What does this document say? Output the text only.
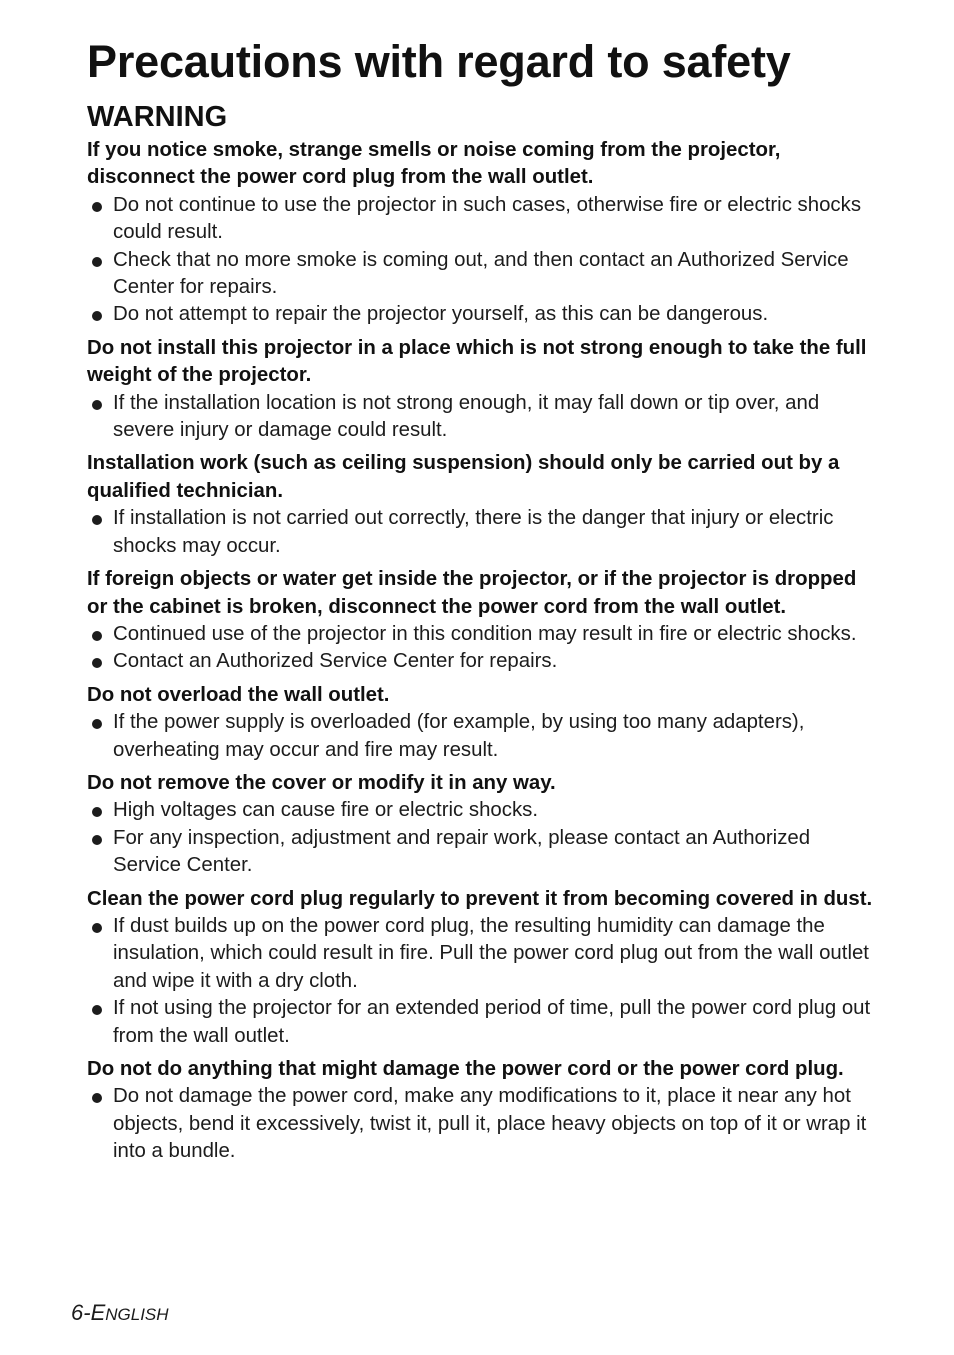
Precautions with regard to safety
WARNING
If you notice smoke, strange smells or noise coming from the projector, disconnect the power cord plug from the wall outlet.
Do not continue to use the projector in such cases, otherwise fire or electric shocks could result.
Check that no more smoke is coming out, and then contact an Authorized Service Center for repairs.
Do not attempt to repair the projector yourself, as this can be dangerous.
Do not install this projector in a place which is not strong enough to take the full weight of the projector.
If the installation location is not strong enough, it may fall down or tip over, and severe injury or damage could result.
Installation work (such as ceiling suspension) should only be carried out by a qualified technician.
If installation is not carried out correctly, there is the danger that injury or electric shocks may occur.
If foreign objects or water get inside the projector, or if the projector is dropped or the cabinet is broken, disconnect the power cord from the wall outlet.
Continued use of the projector in this condition may result in fire or electric shocks.
Contact an Authorized Service Center for repairs.
Do not overload the wall outlet.
If the power supply is overloaded (for example, by using too many adapters), overheating may occur and fire may result.
Do not remove the cover or modify it in any way.
High voltages can cause fire or electric shocks.
For any inspection, adjustment and repair work, please contact an Authorized Service Center.
Clean the power cord plug regularly to prevent it from becoming covered in dust.
If dust builds up on the power cord plug, the resulting humidity can damage the insulation, which could result in fire. Pull the power cord plug out from the wall outlet and wipe it with a dry cloth.
If not using the projector for an extended period of time, pull the power cord plug out from the wall outlet.
Do not do anything that might damage the power cord or the power cord plug.
Do not damage the power cord, make any modifications to it, place it near any hot objects, bend it excessively, twist it, pull it, place heavy objects on top of it or wrap it into a bundle.
6-ENGLISH
